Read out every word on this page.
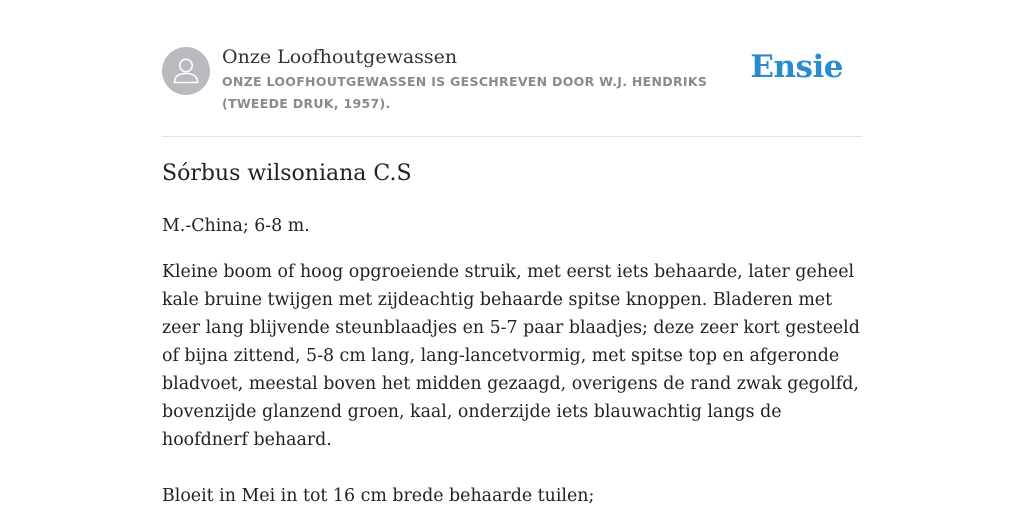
Onze Loofhoutgewassen
ONZE LOOFHOUTGEWASSEN IS GESCHREVEN DOOR W.J. HENDRIKS (TWEEDE DRUK, 1957).
Ensie
Sórbus wilsoniana C.S

M.-China; 6-8 m.

Kleine boom of hoog opgroeiende struik, met eerst iets behaarde, later geheel kale bruine twijgen met zijdeachtig behaarde spitse knoppen. Bladeren met zeer lang blijvende steunblaadjes en 5-7 paar blaadjes; deze zeer kort gesteeld of bijna zittend, 5-8 cm lang, lang-lancetvormig, met spitse top en afgeronde bladvoet, meestal boven het midden gezaagd, overigens de rand zwak gegolfd, bovenzijde glanzend groen, kaal, onderzijde iets blauwachtig langs de hoofdnerf behaard.

Bloeit in Mei in tot 16 cm brede behaarde tuilen;
